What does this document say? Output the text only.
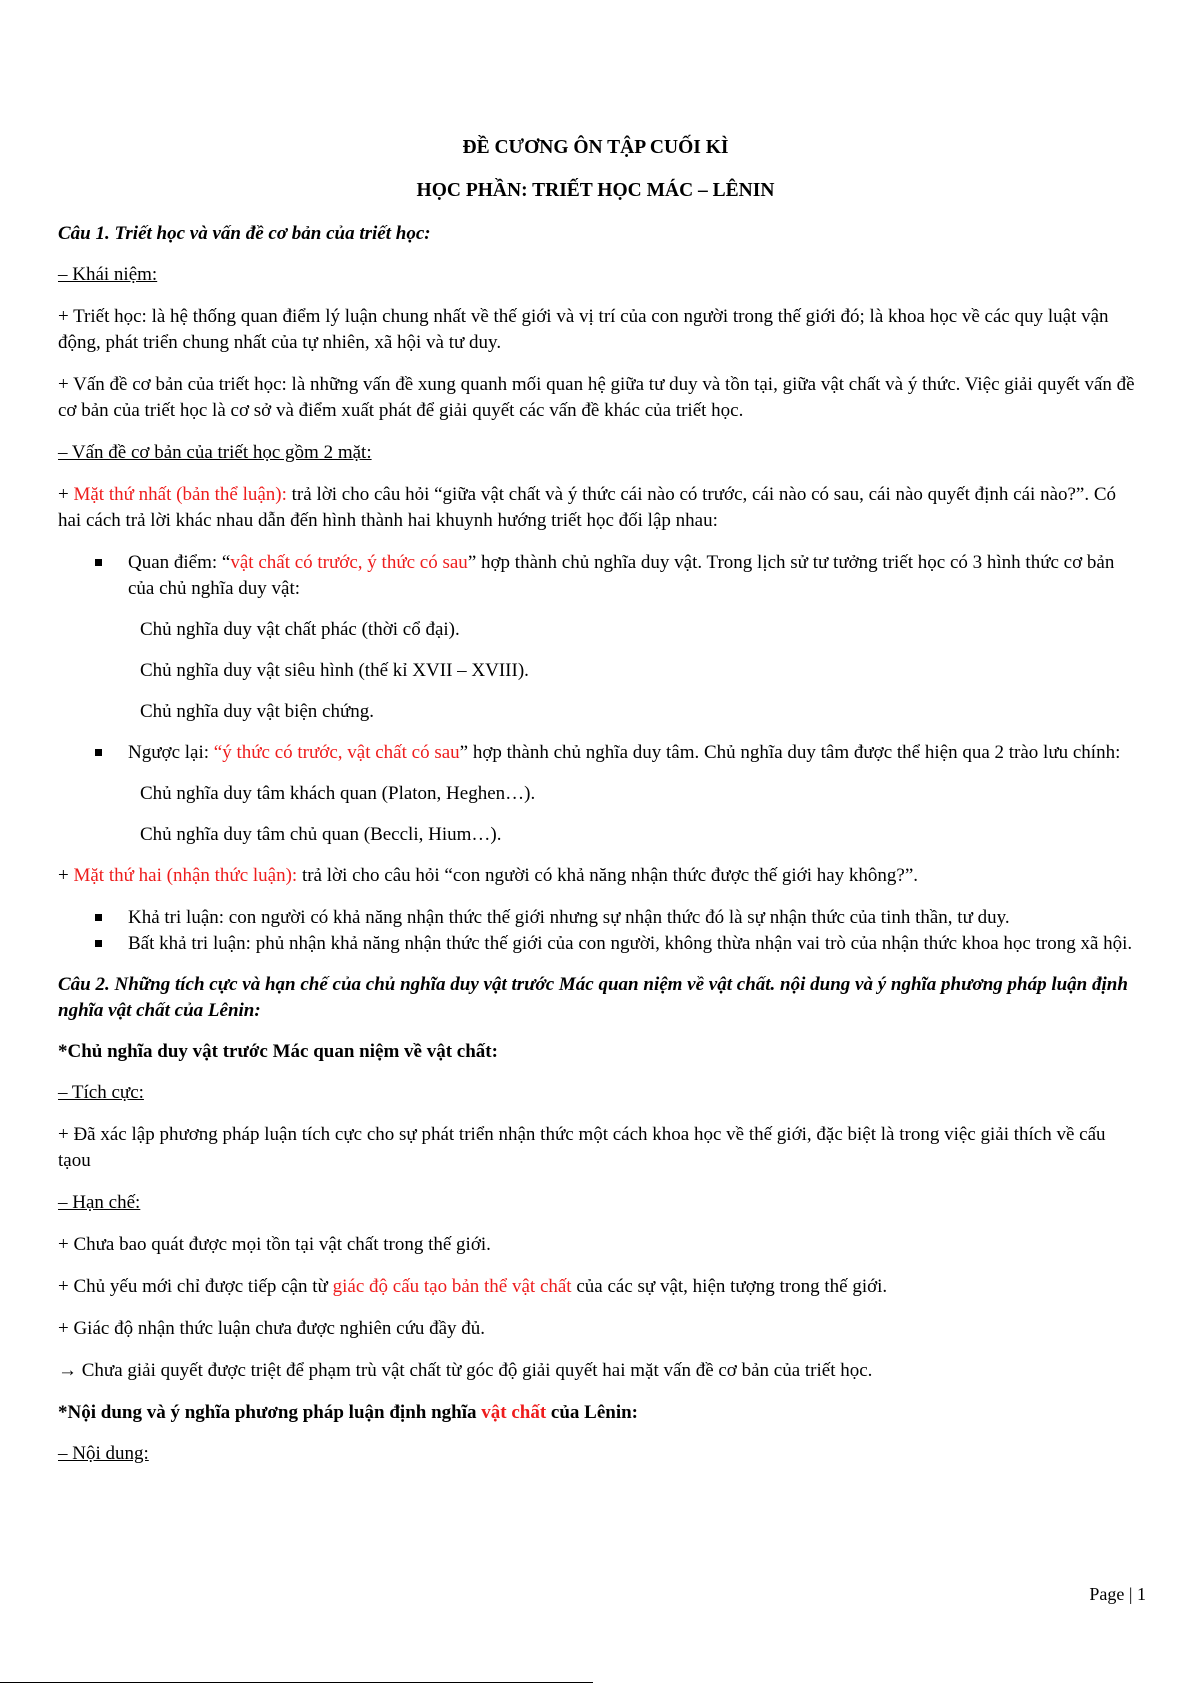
ĐỀ CƯƠNG ÔN TẬP CUỐI KÌ
HỌC PHẦN: TRIẾT HỌC MÁC – LÊNIN

Câu 1. Triết học và vấn đề cơ bản của triết học:

– Khái niệm:

+ Triết học: là hệ thống quan điểm lý luận chung nhất về thế giới và vị trí của con người trong thế giới đó; là khoa học về các quy luật vận động, phát triển chung nhất của tự nhiên, xã hội và tư duy.

+ Vấn đề cơ bản của triết học: là những vấn đề xung quanh mối quan hệ giữa tư duy và tồn tại, giữa vật chất và ý thức. Việc giải quyết vấn đề cơ bản của triết học là cơ sở và điểm xuất phát để giải quyết các vấn đề khác của triết học.

– Vấn đề cơ bản của triết học gồm 2 mặt:

+ Mặt thứ nhất (bản thể luận): trả lời cho câu hỏi “giữa vật chất và ý thức cái nào có trước, cái nào có sau, cái nào quyết định cái nào?”. Có hai cách trả lời khác nhau dẫn đến hình thành hai khuynh hướng triết học đối lập nhau:

Quan điểm: “vật chất có trước, ý thức có sau” hợp thành chủ nghĩa duy vật. Trong lịch sử tư tưởng triết học có 3 hình thức cơ bản của chủ nghĩa duy vật:

Chủ nghĩa duy vật chất phác (thời cổ đại).

Chủ nghĩa duy vật siêu hình (thế kỉ XVII – XVIII).

Chủ nghĩa duy vật biện chứng.

Ngược lại: “ý thức có trước, vật chất có sau” hợp thành chủ nghĩa duy tâm. Chủ nghĩa duy tâm được thể hiện qua 2 trào lưu chính:

Chủ nghĩa duy tâm khách quan (Platon, Heghen…).

Chủ nghĩa duy tâm chủ quan (Beccli, Hium…).

+ Mặt thứ hai (nhận thức luận): trả lời cho câu hỏi “con người có khả năng nhận thức được thế giới hay không?”.

Khả tri luận: con người có khả năng nhận thức thế giới nhưng sự nhận thức đó là sự nhận thức của tinh thần, tư duy.
Bất khả tri luận: phủ nhận khả năng nhận thức thế giới của con người, không thừa nhận vai trò của nhận thức khoa học trong xã hội.

Câu 2. Những tích cực và hạn chế của chủ nghĩa duy vật trước Mác quan niệm về vật chất. nội dung và ý nghĩa phương pháp luận định nghĩa vật chất của Lênin:

*Chủ nghĩa duy vật trước Mác quan niệm về vật chất:

– Tích cực:

+ Đã xác lập phương pháp luận tích cực cho sự phát triển nhận thức một cách khoa học về thế giới, đặc biệt là trong việc giải thích về cấu tạou

– Hạn chế:

+ Chưa bao quát được mọi tồn tại vật chất trong thế giới.

+ Chủ yếu mới chỉ được tiếp cận từ giác độ cấu tạo bản thể vật chất của các sự vật, hiện tượng trong thế giới.

+ Giác độ nhận thức luận chưa được nghiên cứu đầy đủ.

→ Chưa giải quyết được triệt để phạm trù vật chất từ góc độ giải quyết hai mặt vấn đề cơ bản của triết học.

*Nội dung và ý nghĩa phương pháp luận định nghĩa vật chất của Lênin:

– Nội dung:

Page | 1
